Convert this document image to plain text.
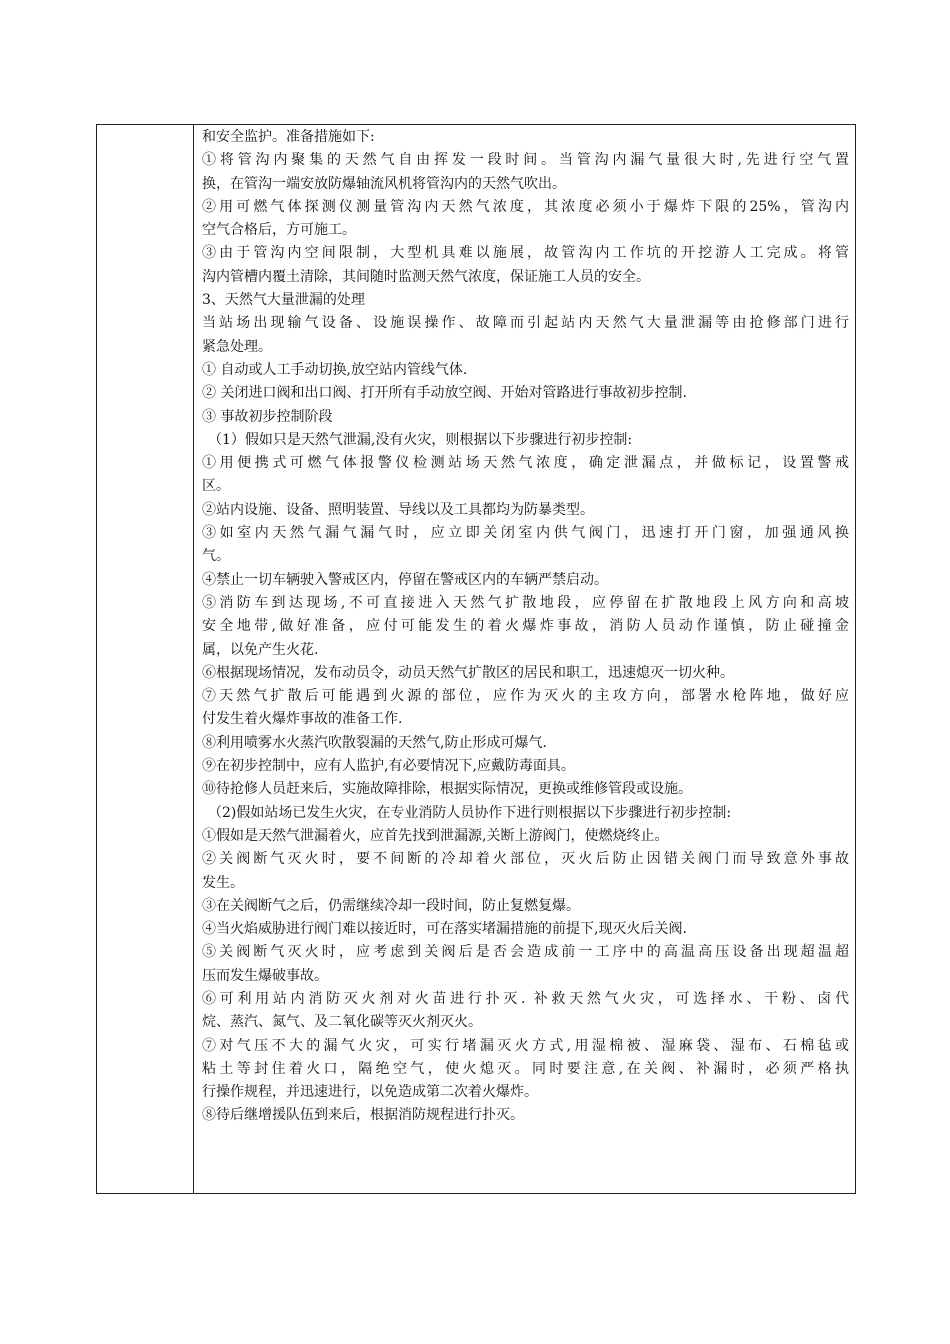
和安全监护。准备措施如下:
①将管沟内聚集的天然气自由挥发一段时间。当管沟内漏气量很大时,先进行空气置
换，在管沟一端安放防爆轴流风机将管沟内的天然气吹出。
②用可燃气体探测仪测量管沟内天然气浓度，其浓度必须小于爆炸下限的25%，管沟内
空气合格后，方可施工。
③由于管沟内空间限制，大型机具难以施展，故管沟内工作坑的开挖游人工完成。将管
沟内管槽内覆土清除，其间随时监测天然气浓度，保证施工人员的安全。
3、天然气大量泄漏的处理
当站场出现输气设备、设施误操作、故障而引起站内天然气大量泄漏等由抢修部门进行
紧急处理。
① 自动或人工手动切换,放空站内管线气体.
② 关闭进口阀和出口阀、打开所有手动放空阀、开始对管路进行事故初步控制.
③ 事故初步控制阶段
（1）假如只是天然气泄漏,没有火灾，则根据以下步骤进行初步控制:
①用便携式可燃气体报警仪检测站场天然气浓度，确定泄漏点，并做标记，设置警戒
区。
②站内设施、设备、照明装置、导线以及工具都均为防暴类型。
③如室内天然气漏气漏气时，应立即关闭室内供气阀门，迅速打开门窗，加强通风换
气。
④禁止一切车辆驶入警戒区内，停留在警戒区内的车辆严禁启动。
⑤消防车到达现场,不可直接进入天然气扩散地段，应停留在扩散地段上风方向和高坡
安全地带,做好准备，应付可能发生的着火爆炸事故，消防人员动作谨慎，防止碰撞金
属，以免产生火花.
⑥根据现场情况，发布动员令，动员天然气扩散区的居民和职工，迅速熄灭一切火种。
⑦天然气扩散后可能遇到火源的部位，应作为灭火的主攻方向，部署水枪阵地，做好应
付发生着火爆炸事故的准备工作.
⑧利用喷雾水火蒸汽吹散裂漏的天然气,防止形成可爆气.
⑨在初步控制中，应有人监护,有必要情况下,应戴防毒面具。
⑩待抢修人员赶来后，实施故障排除，根据实际情况，更换或维修管段或设施。
（2)假如站场已发生火灾，在专业消防人员协作下进行则根据以下步骤进行初步控制:
①假如是天然气泄漏着火，应首先找到泄漏源,关断上游阀门，使燃烧终止。
②关阀断气灭火时，要不间断的冷却着火部位，灭火后防止因错关阀门而导致意外事故
发生。
③在关阀断气之后，仍需继续冷却一段时间，防止复燃复爆。
④当火焰威胁进行阀门难以接近时，可在落实堵漏措施的前提下,现灭火后关阀.
⑤关阀断气灭火时，应考虑到关阀后是否会造成前一工序中的高温高压设备出现超温超
压而发生爆破事故。
⑥可利用站内消防灭火剂对火苗进行扑灭. 补救天然气火灾，可选择水、干粉、卤代
烷、蒸汽、氮气、及二氧化碳等灭火剂灭火。
⑦对气压不大的漏气火灾，可实行堵漏灭火方式,用湿棉被、湿麻袋、湿布、石棉毡或
粘土等封住着火口，隔绝空气，使火熄灭。同时要注意,在关阀、补漏时，必须严格执
行操作规程，并迅速进行，以免造成第二次着火爆炸。
⑧待后继增援队伍到来后，根据消防规程进行扑灭。
